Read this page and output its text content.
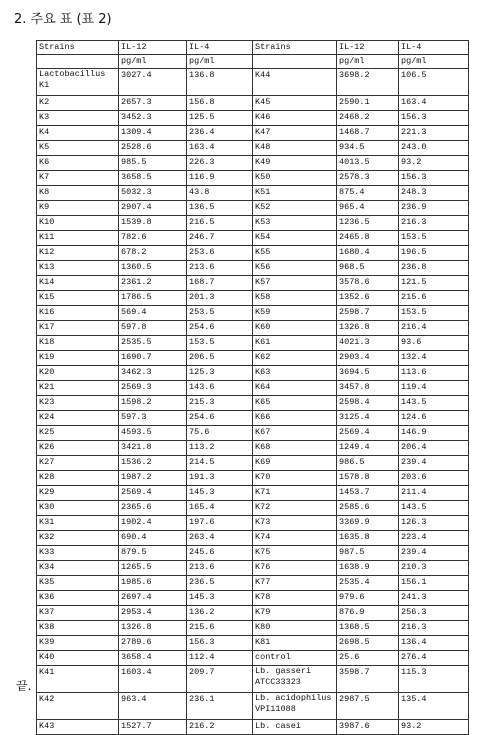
2. 주요 표 (표 2)
Strains	IL-12	IL-4	Strains	IL-12	IL-4
	pg/ml	pg/ml		pg/ml	pg/ml
Lactobacillus K1	3027.4	136.8	K44	3698.2	106.5
K2	2657.3	156.8	K45	2590.1	163.4
K3	3452.3	125.5	K46	2468.2	156.3
K4	1309.4	236.4	K47	1468.7	221.3
K5	2528.6	163.4	K48	934.5	243.0
K6	985.5	226.3	K49	4013.5	93.2
K7	3658.5	116.9	K50	2578.3	156.3
K8	5032.3	43.8	K51	875.4	248.3
K9	2907.4	136.5	K52	965.4	236.9
K10	1539.8	216.5	K53	1236.5	216.3
K11	782.6	246.7	K54	2465.8	153.5
K12	678.2	253.6	K55	1680.4	196.5
K13	1360.5	213.6	K56	968.5	236.8
K14	2361.2	168.7	K57	3578.6	121.5
K15	1786.5	201.3	K58	1352.6	215.6
K16	569.4	253.5	K59	2598.7	153.5
K17	597.8	254.6	K60	1326.8	216.4
K18	2535.5	153.5	K61	4021.3	93.6
K19	1690.7	206.5	K62	2903.4	132.4
K20	3462.3	125.3	K63	3694.5	113.6
K21	2569.3	143.6	K64	3457.8	119.4
K23	1598.2	215.3	K65	2598.4	143.5
K24	597.3	254.6	K66	3125.4	124.6
K25	4593.5	75.6	K67	2569.4	146.9
K26	3421.8	113.2	K68	1249.4	206.4
K27	1536.2	214.5	K69	986.5	239.4
K28	1987.2	191.3	K70	1578.8	203.6
K29	2569.4	145.3	K71	1453.7	211.4
K30	2365.6	165.4	K72	2585.6	143.5
K31	1902.4	197.6	K73	3369.9	126.3
K32	690.4	263.4	K74	1635.8	223.4
K33	879.5	245.6	K75	987.5	239.4
K34	1265.5	213.6	K76	1638.9	210.3
K35	1985.6	236.5	K77	2535.4	156.1
K36	2697.4	145.3	K78	979.6	241.3
K37	2953.4	136.2	K79	876.9	256.3
K38	1326.8	215.6	K80	1368.5	216.3
K39	2789.6	156.3	K81	2698.5	136.4
K40	3658.4	112.4	control	25.6	276.4
K41	1603.4	209.7	Lb. gasseri ATCC33323	3598.7	115.3
K42	963.4	236.1	Lb. acidophilus VPI11088	2987.5	135.4
K43	1527.7	216.2	Lb. casei	3987.6	93.2
끝.
